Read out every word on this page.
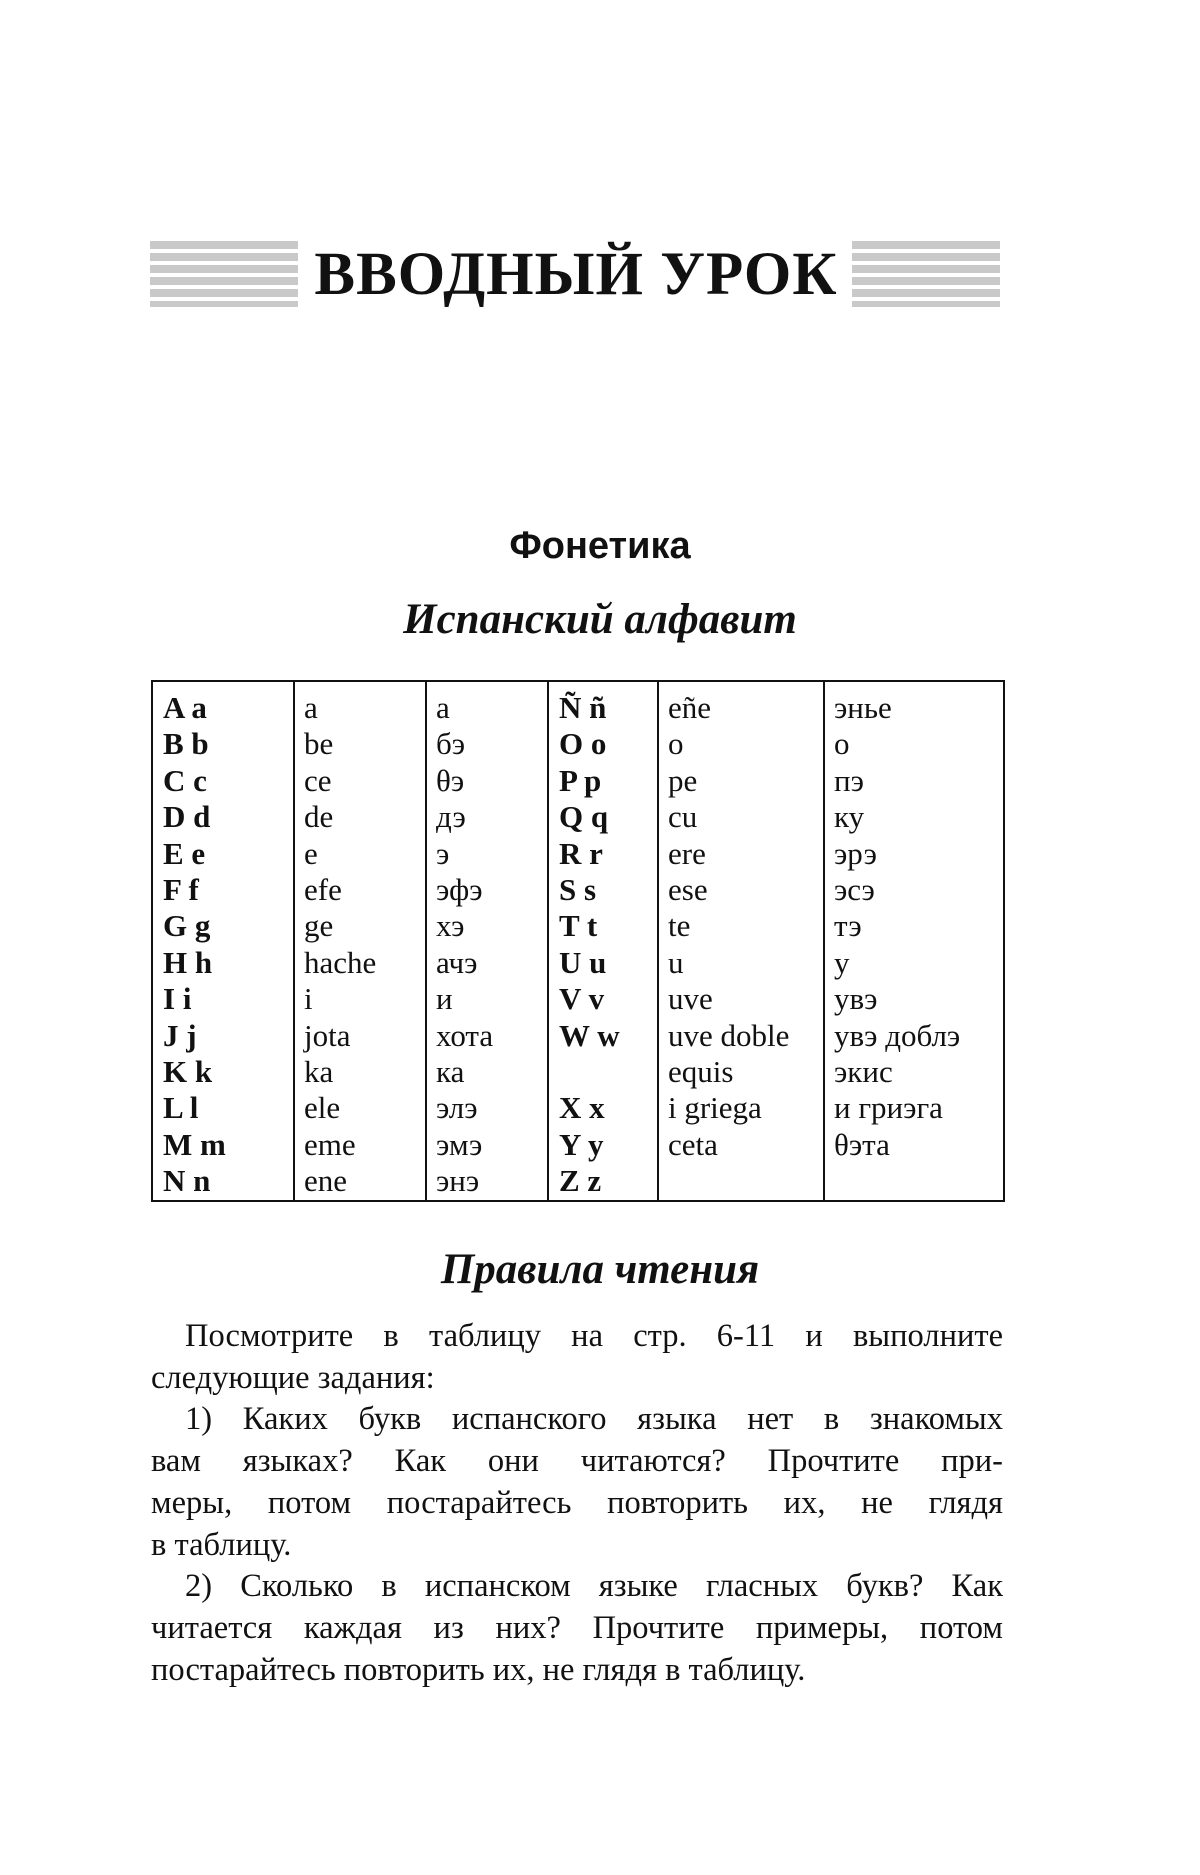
ВВОДНЫЙ УРОК
Фонетика
Испанский алфавит
A a
B b
C c
D d
E e
F f
G g
H h
I i
J j
K k
L l
M m
N n
a
be
ce
de
e
efe
ge
hache
i
jota
ka
ele
eme
ene
а
бэ
θэ
дэ
э
эфэ
хэ
ачэ
и
хота
ка
элэ
эмэ
энэ
Ñ ñ
O o
P p
Q q
R r
S s
T t
U u
V v
W w
X x
Y y
Z z
eñe
o
pe
cu
ere
ese
te
u
uve
uve doble
equis
i griega
ceta
энье
о
пэ
ку
эрэ
эсэ
тэ
у
увэ
увэ доблэ
экис
и гриэга
θэта
Правила чтения

Посмотрите в таблицу на стр. 6-11 и выполните
следующие задания:

1) Каких букв испанского языка нет в знакомых
вам языках? Как они читаются? Прочтите при-
меры, потом постарайтесь повторить их, не глядя
в таблицу.

2) Сколько в испанском языке гласных букв? Как
читается каждая из них? Прочтите примеры, потом
постарайтесь повторить их, не глядя в таблицу.
